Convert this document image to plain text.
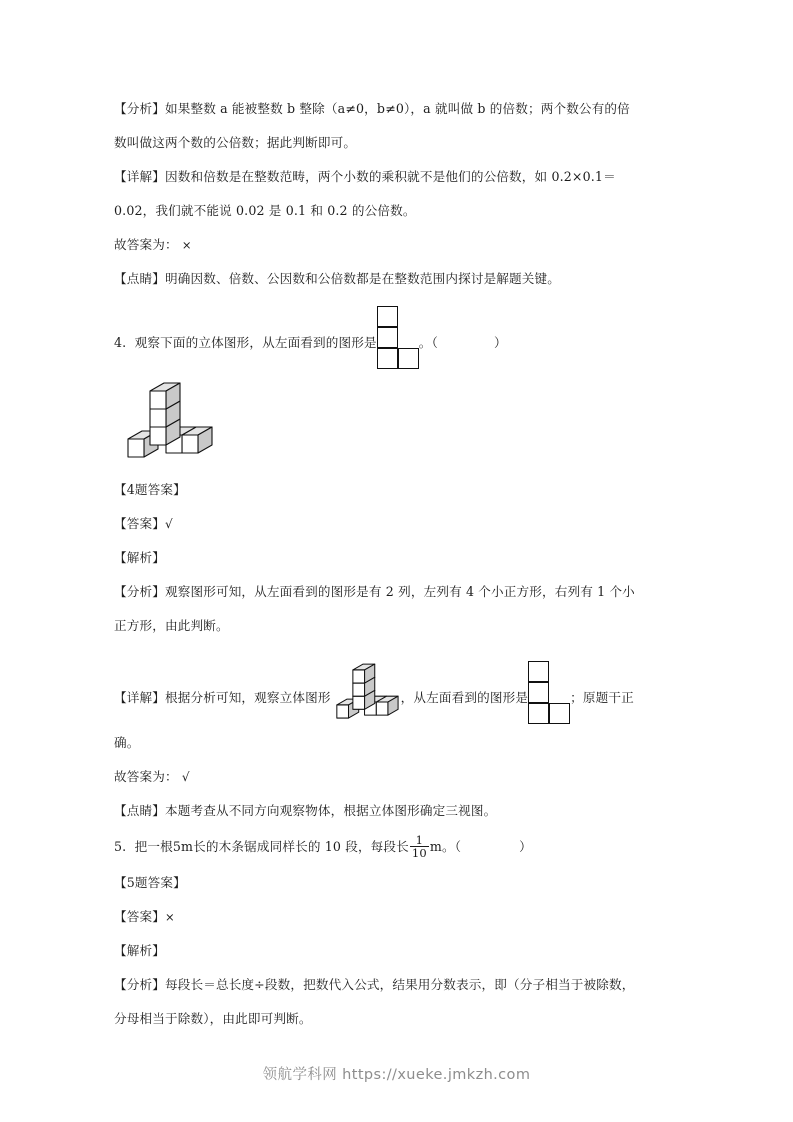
【分析】如果整数 a 能被整数 b 整除（a≠0，b≠0），a 就叫做 b 的倍数；两个数公有的倍
数叫做这两个数的公倍数；据此判断即可。
【详解】因数和倍数是在整数范畴，两个小数的乘积就不是他们的公倍数，如 0.2×0.1＝
0.02，我们就不能说 0.02 是 0.1 和 0.2 的公倍数。
故答案为： ×
【点睛】明确因数、倍数、公因数和公倍数都是在整数范围内探讨是解题关键。
4. 观察下面的立体图形，从左面看到的图形是	。（	）
【4题答案】
【答案】√
【解析】
【分析】观察图形可知，从左面看到的图形是有 2 列，左列有 4 个小正方形，右列有 1 个小
正方形，由此判断。
【详解】根据分析可知，观察立体图形	，从左面看到的图形是	；原题干正
确。
故答案为： √
【点睛】本题考查从不同方向观察物体，根据立体图形确定三视图。
5. 把一根5m长的木条锯成同样长的 10 段，每段长 $\frac{1}{10}$ m。（	）
【5题答案】
【答案】×
【解析】
【分析】每段长＝总长度÷段数，把数代入公式，结果用分数表示，即（分子相当于被除数，
分母相当于除数），由此即可判断。
领航学科网 https://xueke.jmkzh.com
